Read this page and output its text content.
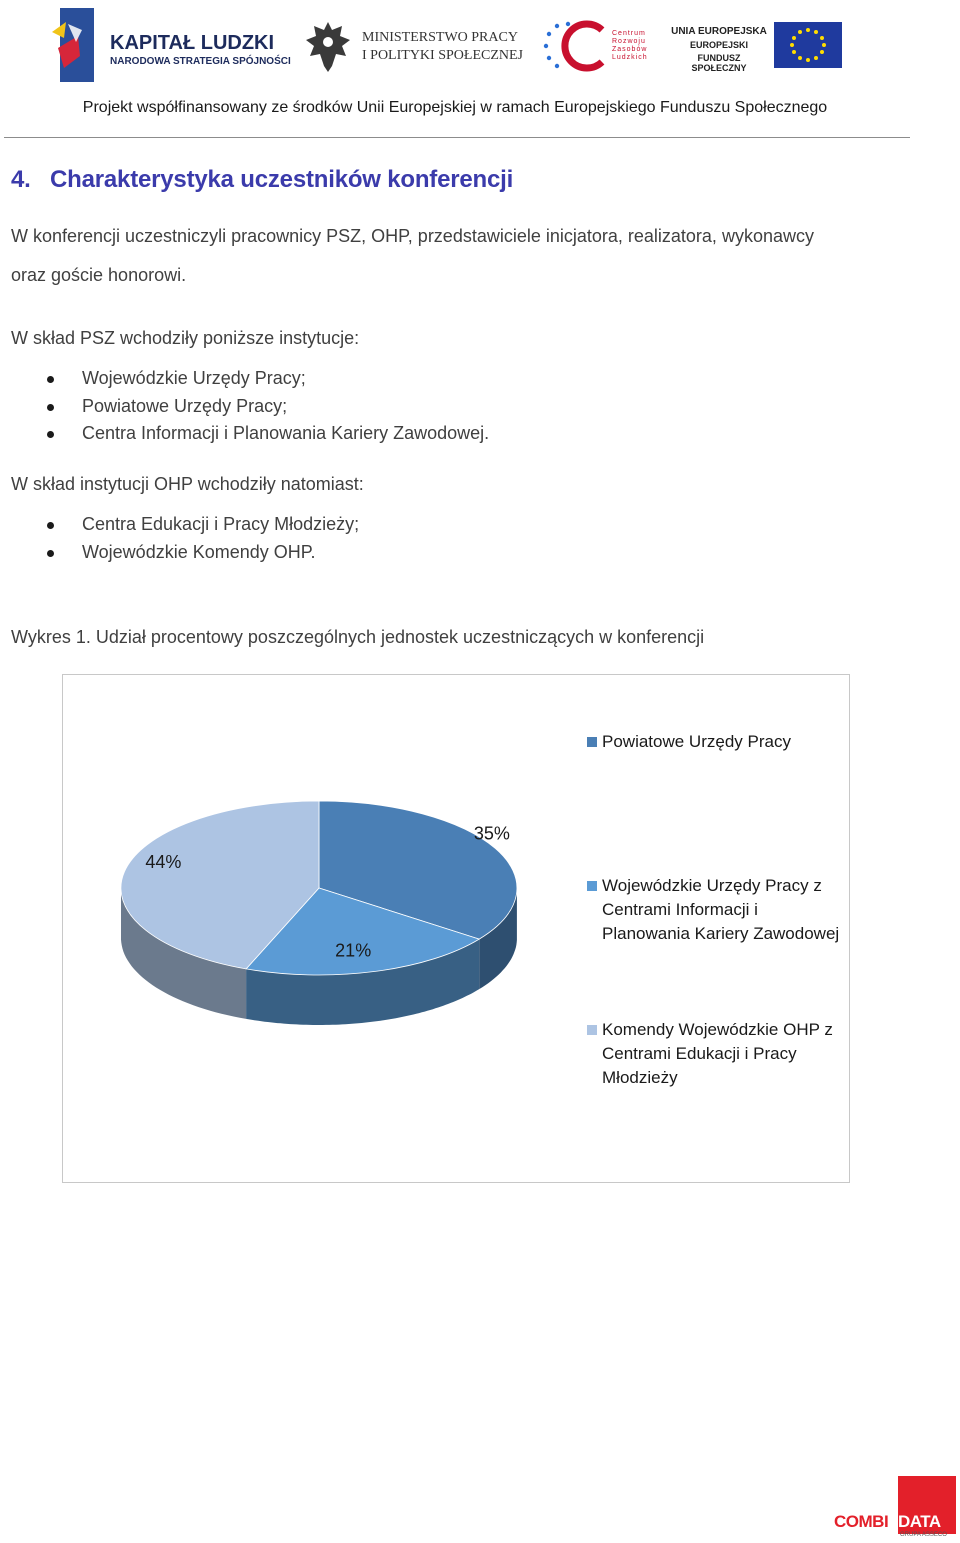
KAPITAŁ LUDZKI
NARODOWA STRATEGIA SPÓJNOŚCI
MINISTERSTWO PRACY
I POLITYKI SPOŁECZNEJ
Centrum Rozwoju Zasobów Ludzkich
UNIA EUROPEJSKA
EUROPEJSKI
FUNDUSZ SPOŁECZNY
Projekt współfinansowany ze środków Unii Europejskiej w ramach Europejskiego Funduszu Społecznego
4.   Charakterystyka uczestników konferencji
W konferencji uczestniczyli pracownicy PSZ, OHP, przedstawiciele inicjatora, realizatora, wykonawcy
oraz goście honorowi.
W skład PSZ wchodziły poniższe instytucje:
Wojewódzkie Urzędy Pracy;
Powiatowe Urzędy Pracy;
Centra Informacji i Planowania Kariery Zawodowej.
W skład instytucji OHP wchodziły natomiast:
Centra Edukacji i Pracy Młodzieży;
Wojewódzkie Komendy OHP.
Wykres 1. Udział procentowy poszczególnych jednostek uczestniczących w konferencji
35%
21%
44%
Powiatowe Urzędy Pracy
Wojewódzkie Urzędy Pracy z Centrami Informacji i Planowania Kariery Zawodowej
Komendy Wojewódzkie OHP z Centrami Edukacji i Pracy Młodzieży
COMBI DATA
GRUPA ASSECO
